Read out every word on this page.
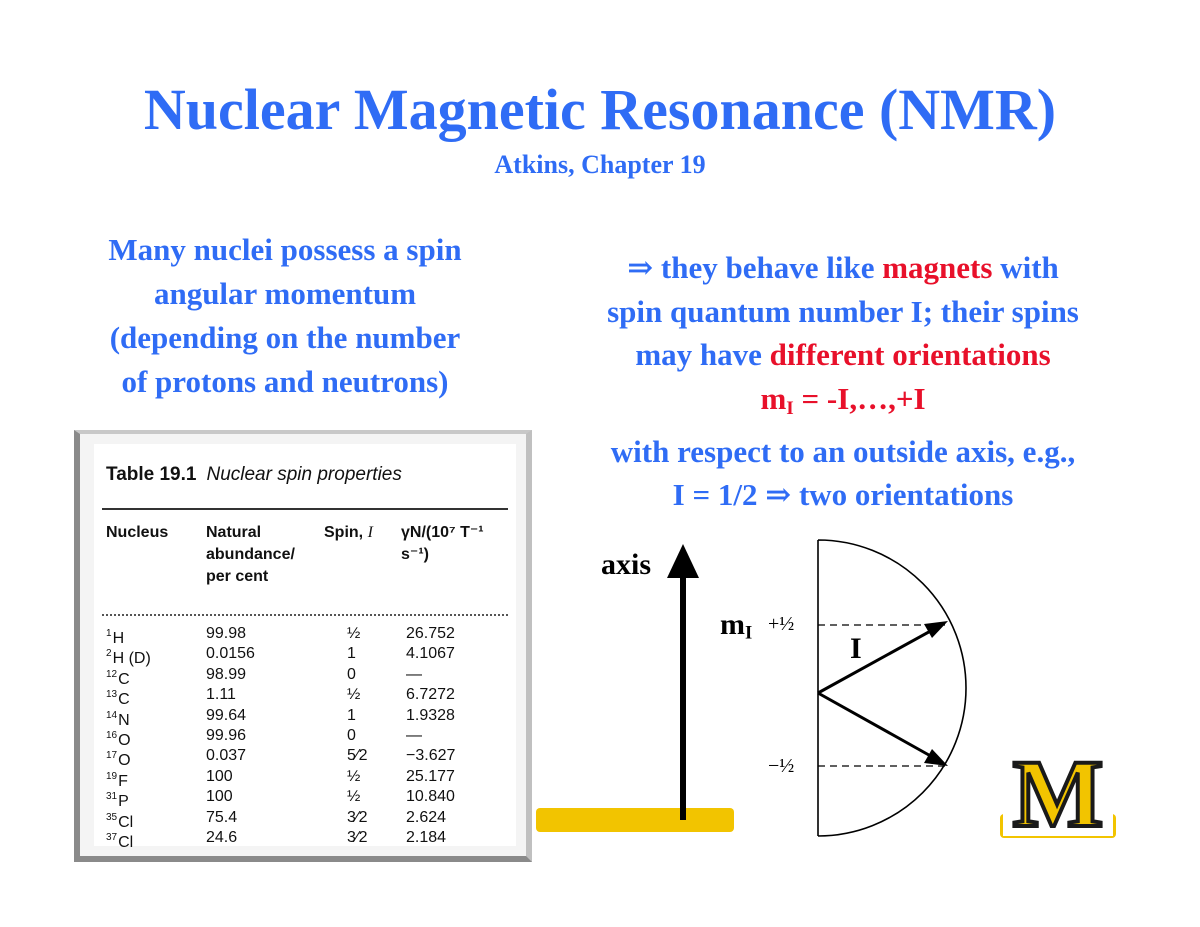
Nuclear Magnetic Resonance (NMR)
Atkins, Chapter 19
Many nuclei possess a spin
angular momentum
(depending on the number
of protons and neutrons)
⇒ they behave like magnets with
spin quantum number I; their spins
may have different orientations
$m_I$ = -I,…,+I
with respect to an outside axis, e.g.,
I = 1/2 ⇒ two orientations
Table 19.1 Nuclear spin properties
Nucleus Natural
abundance/
per cent
Spin, I γN/(10⁷ T⁻¹ s⁻¹)
$^1$H	99.98	½	26.752
$^2$H (D)	0.0156	1	4.1067
$^{12}$C	98.99	0	—
$^{13}$C	1.11	½	6.7272
$^{14}$N	99.64	1	1.9328
$^{16}$O	99.96	0	—
$^{17}$O	0.037	5⁄2 −3.627
$^{19}$F	100	½	25.177
$^{31}$P	100	½	10.840
$^{35}$Cl	75.4	3⁄2 2.624
$^{37}$Cl	24.6	3⁄2 2.184
+½
−½
axis
$m_I$	I
M
